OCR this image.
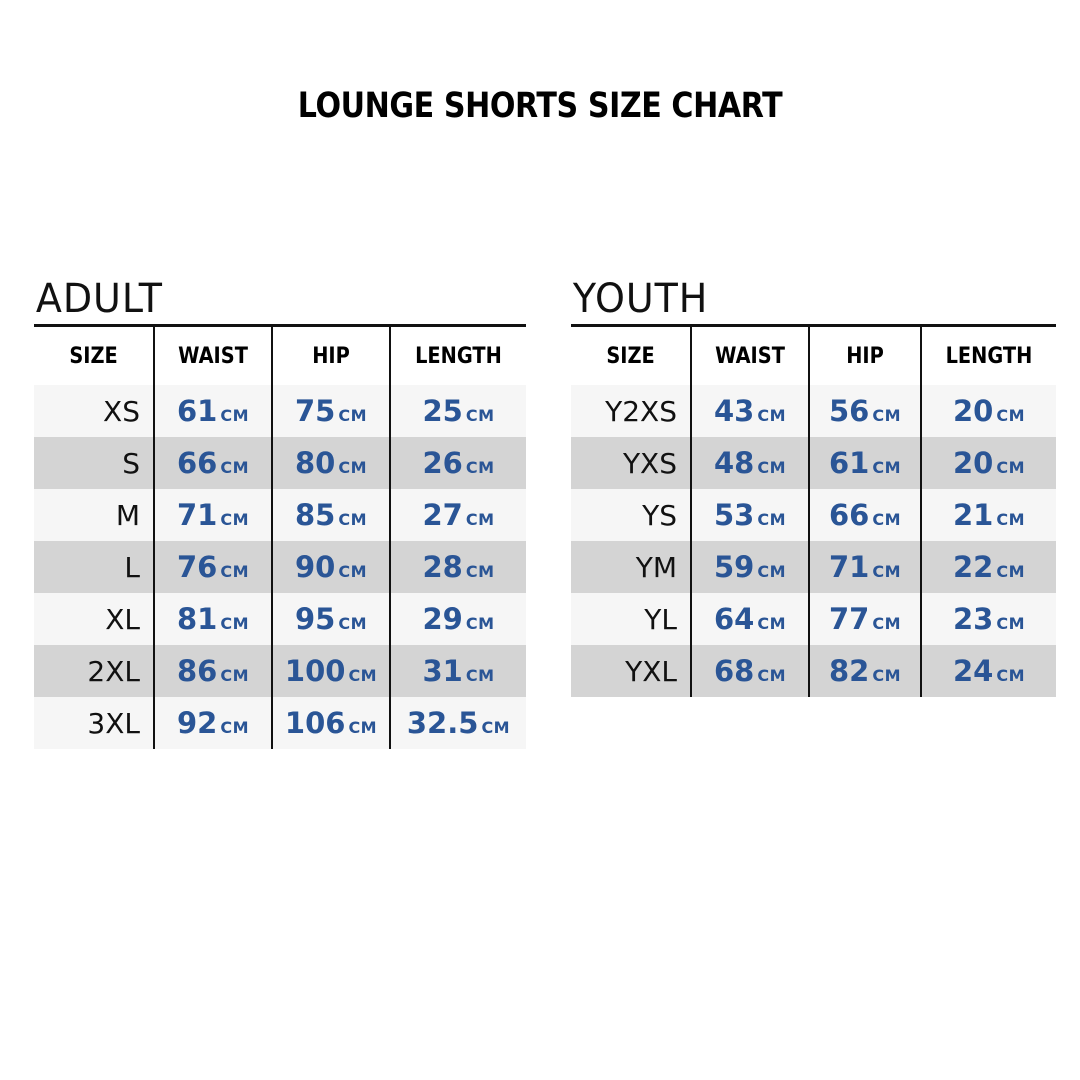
LOUNGE SHORTS SIZE CHART
ADULT
SIZE	WAIST	HIP	LENGTH
XS	61 CM	75 CM	25 CM
S	66 CM	80 CM	26 CM
M	71 CM	85 CM	27 CM
L	76 CM	90 CM	28 CM
XL	81 CM	95 CM	29 CM
2XL	86 CM	100 CM	31 CM
3XL	92 CM	106 CM	32.5 CM
YOUTH
SIZE	WAIST	HIP	LENGTH
Y2XS	43 CM	56 CM	20 CM
YXS	48 CM	61 CM	20 CM
YS	53 CM	66 CM	21 CM
YM	59 CM	71 CM	22 CM
YL	64 CM	77 CM	23 CM
YXL	68 CM	82 CM	24 CM
